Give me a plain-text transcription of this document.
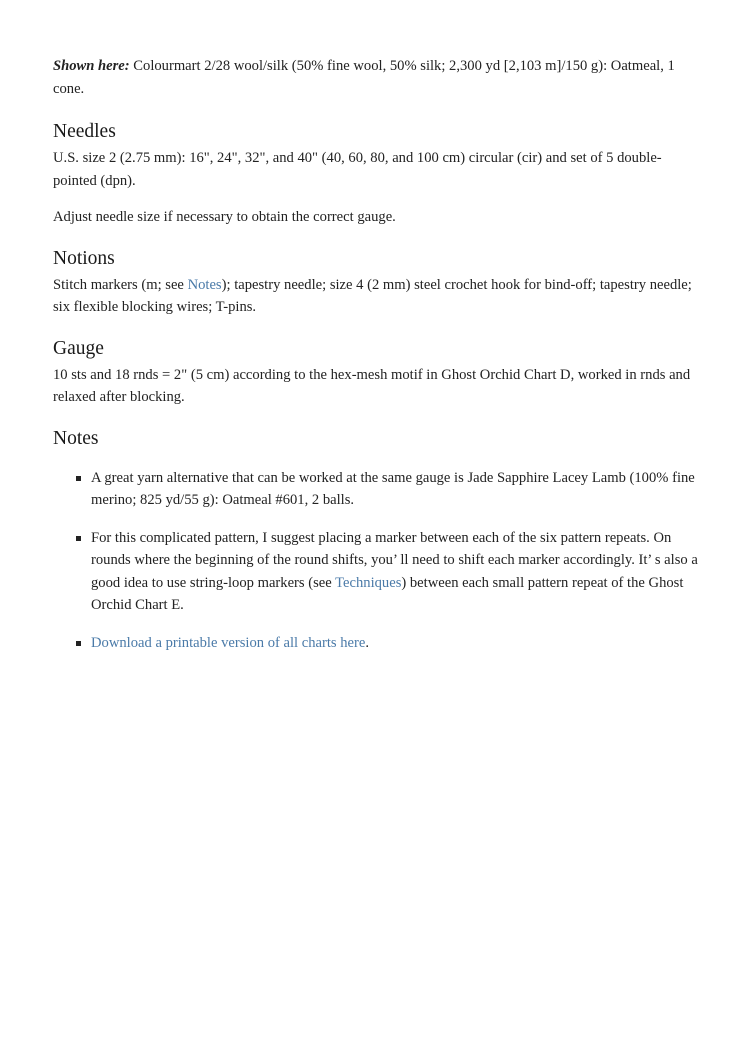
Shown here: Colourmart 2/28 wool/silk (50% fine wool, 50% silk; 2,300 yd [2,103 m]/150 g): Oatmeal, 1 cone.

Needles

U.S. size 2 (2.75 mm): 16", 24", 32", and 40" (40, 60, 80, and 100 cm) circular (cir) and set of 5 double-pointed (dpn).

Adjust needle size if necessary to obtain the correct gauge.

Notions

Stitch markers (m; see Notes); tapestry needle; size 4 (2 mm) steel crochet hook for bind-off; tapestry needle; six flexible blocking wires; T-pins.

Gauge

10 sts and 18 rnds = 2" (5 cm) according to the hex-mesh motif in Ghost Orchid Chart D, worked in rnds and relaxed after blocking.

Notes
A great yarn alternative that can be worked at the same gauge is Jade Sapphire Lacey Lamb (100% fine merino; 825 yd/55 g): Oatmeal #601, 2 balls.
For this complicated pattern, I suggest placing a marker between each of the six pattern repeats. On rounds where the beginning of the round shifts, you’ ll need to shift each marker accordingly. It’ s also a good idea to use string-loop markers (see Techniques) between each small pattern repeat of the Ghost Orchid Chart E.
Download a printable version of all charts here.
